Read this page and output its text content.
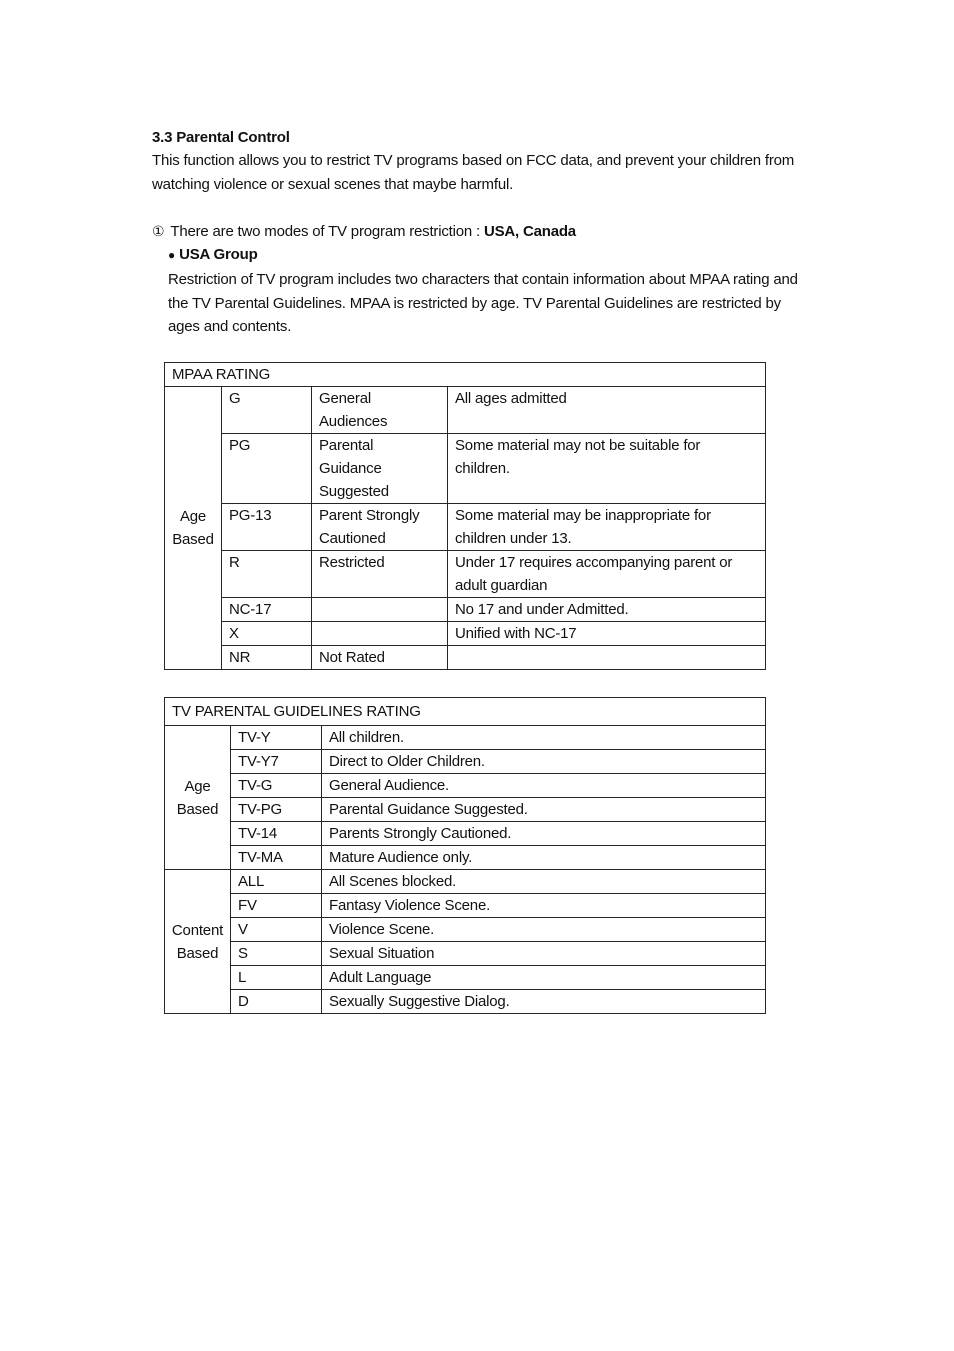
3.3 Parental Control

This function allows you to restrict TV programs based on FCC data, and prevent your children from watching violence or sexual scenes that maybe harmful.

① There are two modes of TV program restriction : USA, Canada

● USA Group

Restriction of TV program includes two characters that contain information about MPAA rating and the TV Parental Guidelines. MPAA is restricted by age. TV Parental Guidelines are restricted by ages and contents.

MPAA RATING			
Age Based	G	General Audiences	All ages admitted
	PG	Parental Guidance Suggested	Some material may not be suitable for children.
	PG-13	Parent Strongly Cautioned	Some material may be inappropriate for children under 13.
	R	Restricted	Under 17 requires accompanying parent or adult guardian
	NC-17		No 17 and under Admitted.
	X		Unified with NC-17
	NR	Not Rated	
TV PARENTAL GUIDELINES RATING		
Age Based	TV-Y	All children.
	TV-Y7	Direct to Older Children.
	TV-G	General Audience.
	TV-PG	Parental Guidance Suggested.
	TV-14	Parents Strongly Cautioned.
	TV-MA	Mature Audience only.
Content Based	ALL	All Scenes blocked.
	FV	Fantasy Violence Scene.
	V	Violence Scene.
	S	Sexual Situation
	L	Adult Language
	D	Sexually Suggestive Dialog.
